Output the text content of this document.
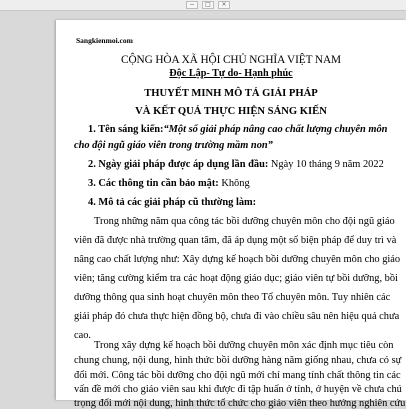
−	□	×
Sangkienmoi.com
CỘNG HÒA XÃ HỘI CHỦ NGHĨA VIỆT NAM
Độc Lập- Tự do- Hạnh phúc
THUYẾT MINH MÔ TẢ GIẢI PHÁP
VÀ KẾT QUẢ THỰC HIỆN SÁNG KIẾN
1. Tên sáng kiến:“Một số giải pháp nâng cao chất lượng chuyên môn
cho đội ngũ giáo viên trong trường mầm non”
2. Ngày giải pháp được áp dụng lần đầu: Ngày 10 tháng 9 năm 2022
3. Các thông tin cần bảo mật: Không
4. Mô tả các giải pháp cũ thường làm:
Trong những năm qua công tác bồi dưỡng chuyên môn cho đội ngũ giáo
viên đã được nhà trường quan tâm, đã áp dụng một số biện pháp để duy trì và
nâng cao chất lượng như: Xây dựng kế hoạch bồi dưỡng chuyên môn cho giáo
viên; tăng cường kiểm tra các hoạt động giáo dục; giáo viên tự bồi dưỡng, bồi
dưỡng thông qua sinh hoạt chuyên môn theo Tổ chuyên môn. Tuy nhiên các
giải pháp đó chưa thực hiện đồng bộ, chưa đi vào chiều sâu nên hiệu quả chưa
cao.
Trong xây dựng kế hoạch bồi dưỡng chuyên môn xác định mục tiêu còn
chung chung, nội dung, hình thức bồi dưỡng hàng năm giống nhau, chưa có sự
đổi mới. Công tác bồi dưỡng cho đội ngũ mới chỉ mang tính chất thông tin các
vấn đề mới cho giáo viên sau khi được đi tập huấn ở tỉnh, ở huyện về chưa chú
trọng đổi mới nội dung, hình thức tổ chức cho giáo viên theo hướng nghiên cứu
